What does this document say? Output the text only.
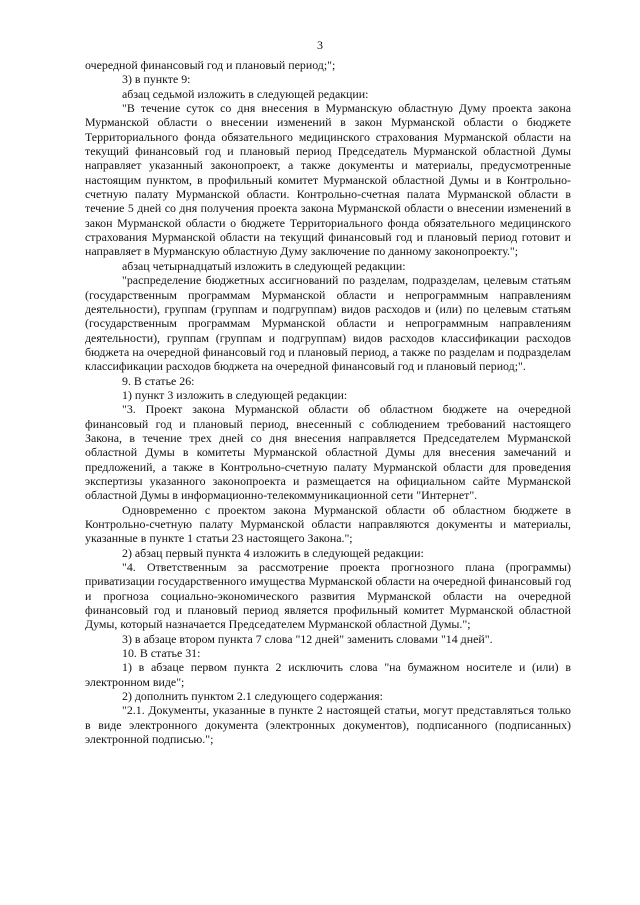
3

очередной финансовый год и плановый период;";

3) в пункте 9:

абзац седьмой изложить в следующей редакции:

"В течение суток со дня внесения в Мурманскую областную Думу проекта закона Мурманской области о внесении изменений в закон Мурманской области о бюджете Территориального фонда обязательного медицинского страхования Мурманской области на текущий финансовый год и плановый период Председатель Мурманской областной Думы направляет указанный законопроект, а также документы и материалы, предусмотренные настоящим пунктом, в профильный комитет Мурманской областной Думы и в Контрольно-счетную палату Мурманской области. Контрольно-счетная палата Мурманской области в течение 5 дней со дня получения проекта закона Мурманской области о внесении изменений в закон Мурманской области о бюджете Территориального фонда обязательного медицинского страхования Мурманской области на текущий финансовый год и плановый период готовит и направляет в Мурманскую областную Думу заключение по данному законопроекту.";

абзац четырнадцатый изложить в следующей редакции:

"распределение бюджетных ассигнований по разделам, подразделам, целевым статьям (государственным программам Мурманской области и непрограммным направлениям деятельности), группам (группам и подгруппам) видов расходов и (или) по целевым статьям (государственным программам Мурманской области и непрограммным направлениям деятельности), группам (группам и подгруппам) видов расходов классификации расходов бюджета на очередной финансовый год и плановый период, а также по разделам и подразделам классификации расходов бюджета на очередной финансовый год и плановый период;".

9. В статье 26:

1) пункт 3 изложить в следующей редакции:

"3. Проект закона Мурманской области об областном бюджете на очередной финансовый год и плановый период, внесенный с соблюдением требований настоящего Закона, в течение трех дней со дня внесения направляется Председателем Мурманской областной Думы в комитеты Мурманской областной Думы для внесения замечаний и предложений, а также в Контрольно-счетную палату Мурманской области для проведения экспертизы указанного законопроекта и размещается на официальном сайте Мурманской областной Думы в информационно-телекоммуникационной сети "Интернет".

Одновременно с проектом закона Мурманской области об областном бюджете в Контрольно-счетную палату Мурманской области направляются документы и материалы, указанные в пункте 1 статьи 23 настоящего Закона.";

2) абзац первый пункта 4 изложить в следующей редакции:

"4. Ответственным за рассмотрение проекта прогнозного плана (программы) приватизации государственного имущества Мурманской области на очередной финансовый год и прогноза социально-экономического развития Мурманской области на очередной финансовый год и плановый период является профильный комитет Мурманской областной Думы, который назначается Председателем Мурманской областной Думы.";

3) в абзаце втором пункта 7 слова "12 дней" заменить словами "14 дней".

10. В статье 31:

1) в абзаце первом пункта 2 исключить слова "на бумажном носителе и (или) в электронном виде";

2) дополнить пунктом 2.1 следующего содержания:

"2.1. Документы, указанные в пункте 2 настоящей статьи, могут представляться только в виде электронного документа (электронных документов), подписанного (подписанных) электронной подписью.";
